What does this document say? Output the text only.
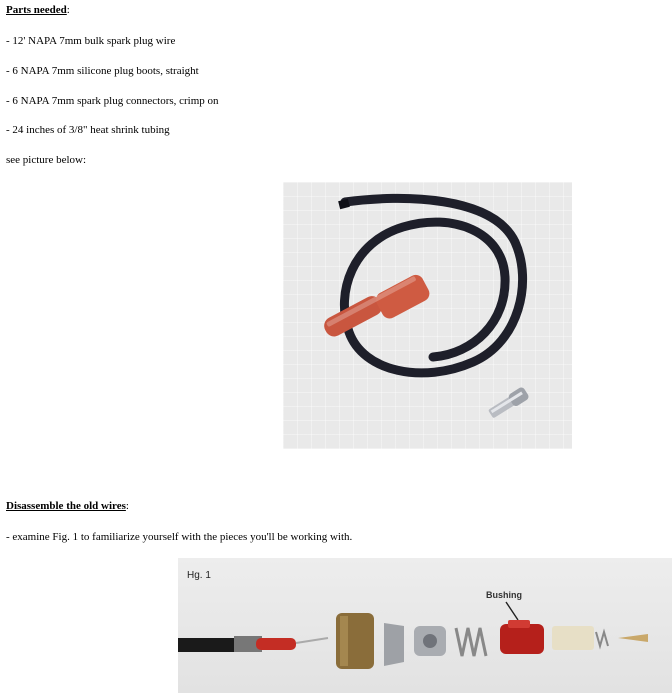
Parts needed:
- 12' NAPA 7mm bulk spark plug wire
- 6 NAPA 7mm silicone plug boots, straight
- 6 NAPA 7mm spark plug connectors, crimp on
- 24 inches of 3/8" heat shrink tubing
see picture below:
Disassemble the old wires:
- examine Fig. 1 to familiarize yourself with the pieces you'll be working with.
Hg. 1
Bushing
